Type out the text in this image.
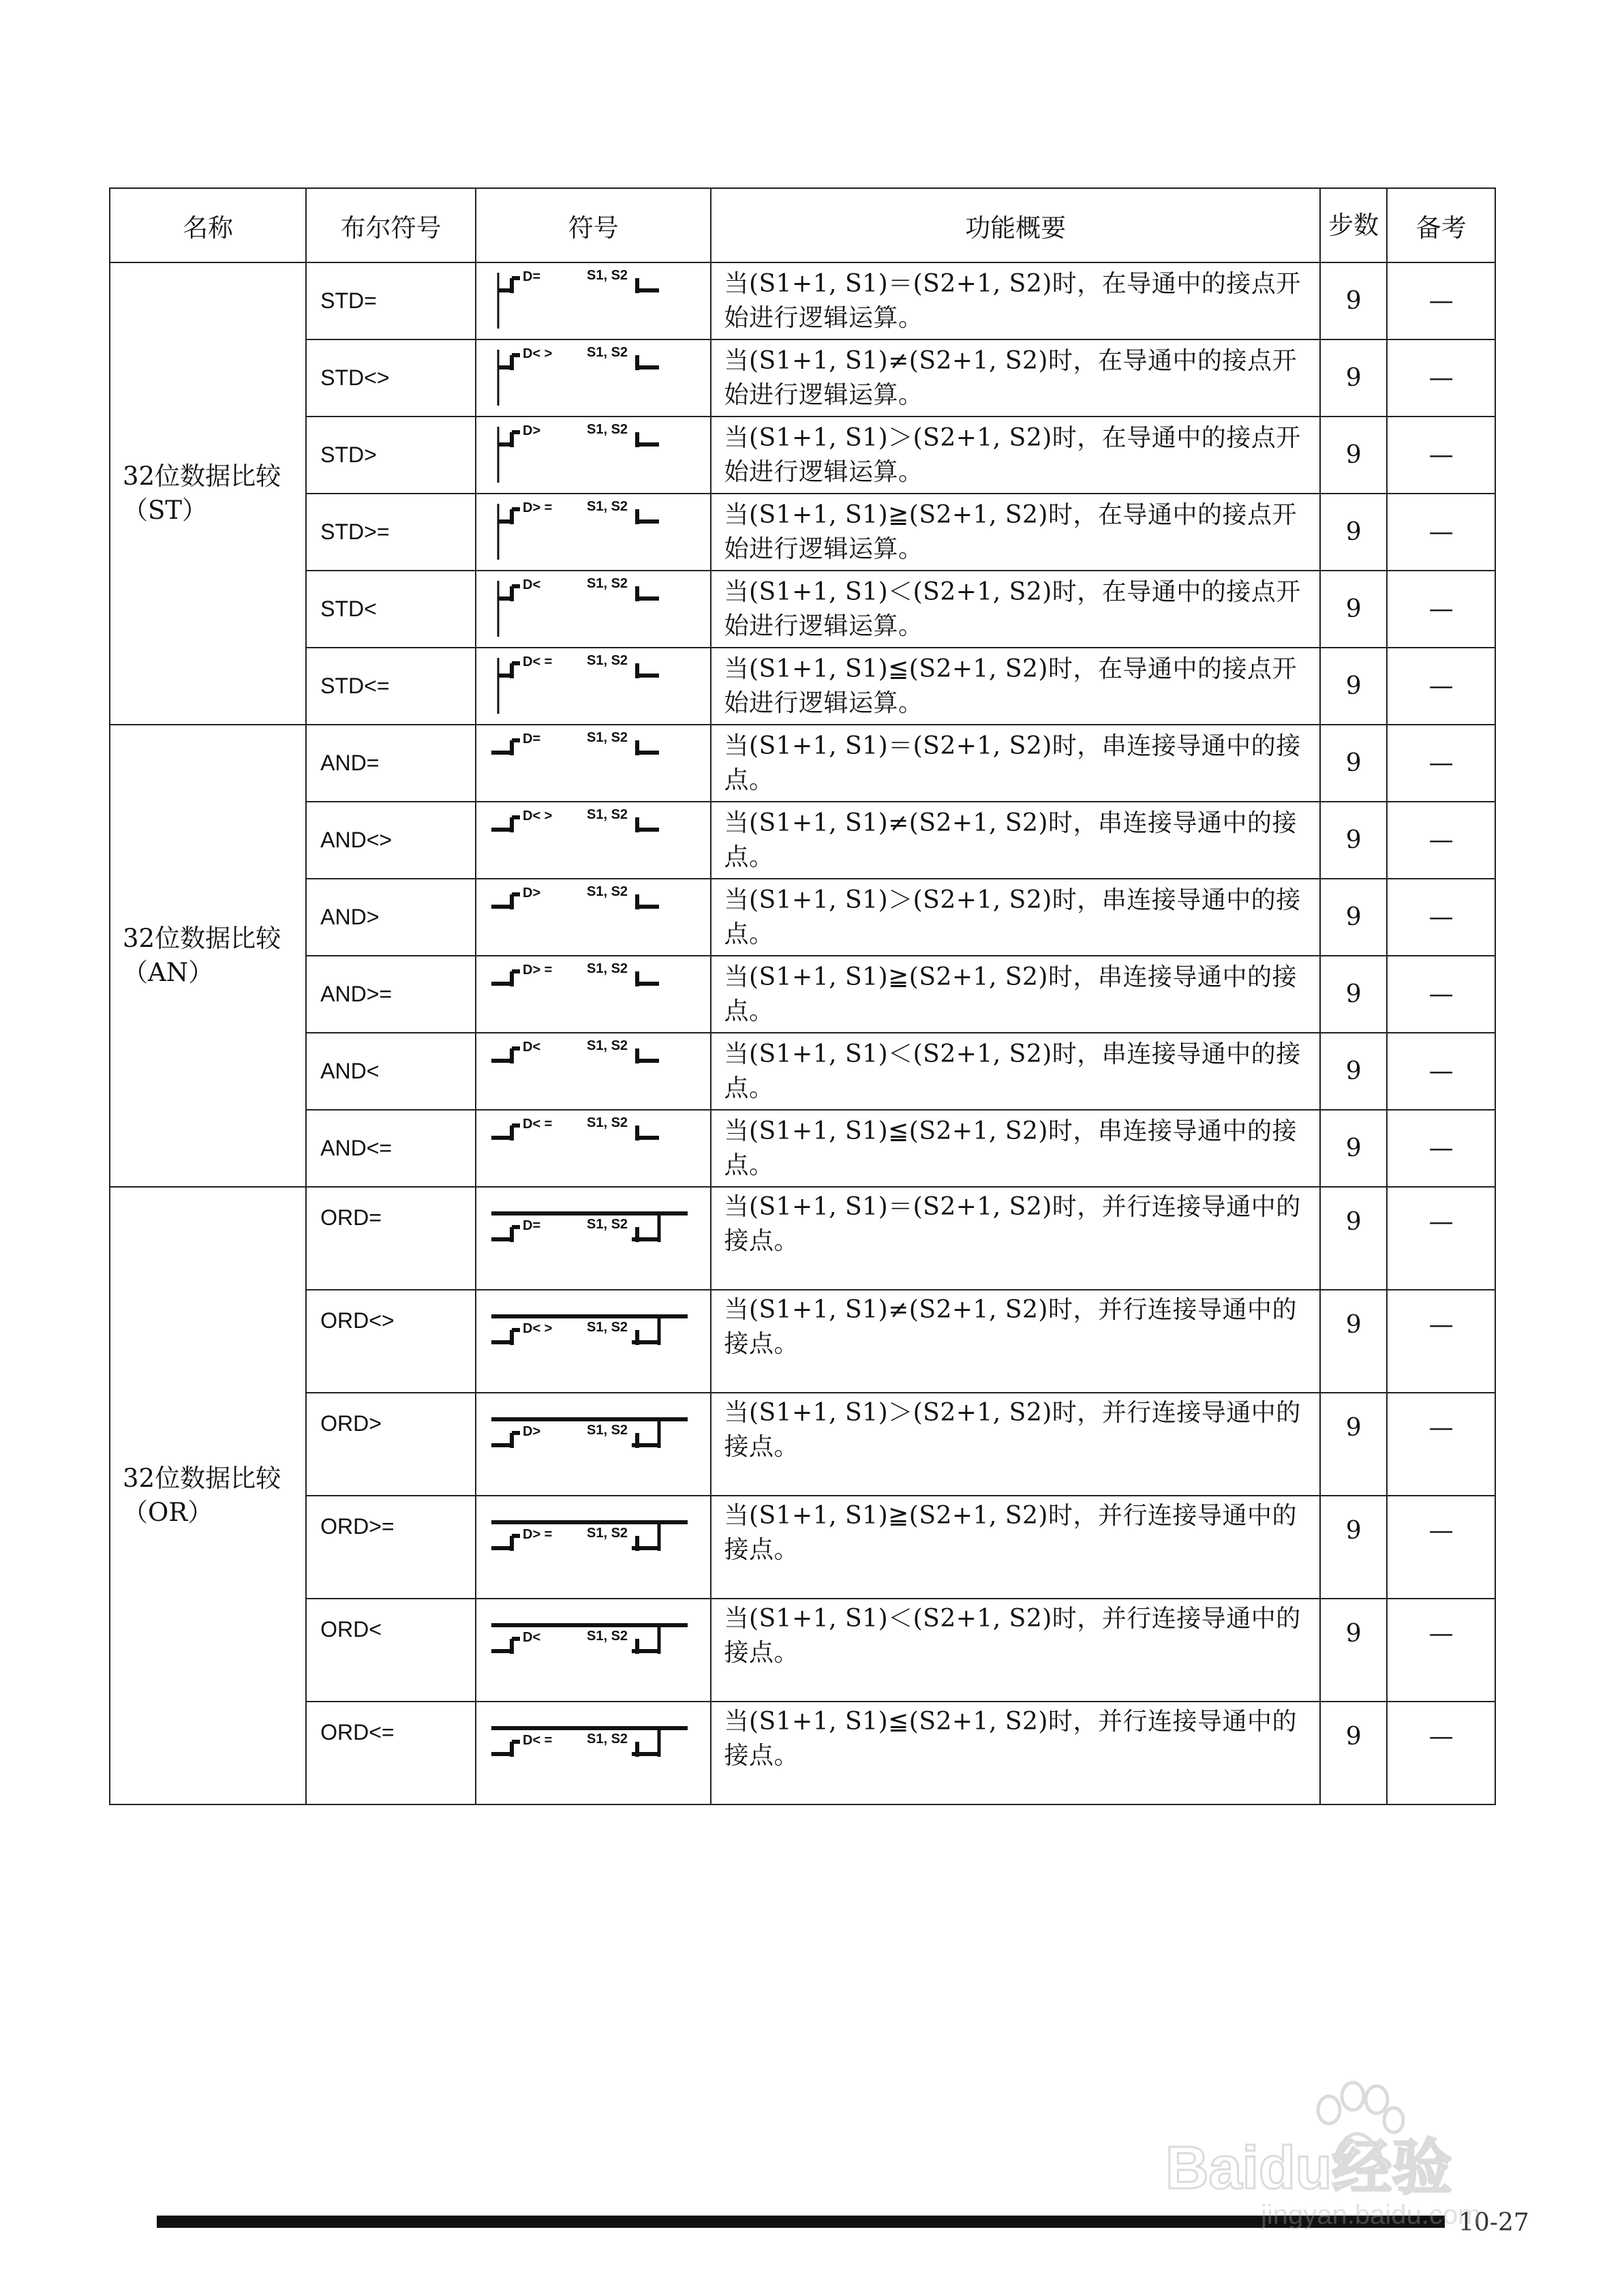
名称	布尔符号	符号	功能概要	步数	备考
32位数据比较（ST）	STD=	D= S1, S2	当(S1+1, S1)＝(S2+1, S2)时，在导通中的接点开始进行逻辑运算。	9	—
	STD<>	D< > S1, S2	当(S1+1, S1)≠(S2+1, S2)时，在导通中的接点开始进行逻辑运算。	9	—
	STD>	D> S1, S2	当(S1+1, S1)＞(S2+1, S2)时，在导通中的接点开始进行逻辑运算。	9	—
	STD>=	D> = S1, S2	当(S1+1, S1)≧(S2+1, S2)时，在导通中的接点开始进行逻辑运算。	9	—
	STD<	D< S1, S2	当(S1+1, S1)＜(S2+1, S2)时，在导通中的接点开始进行逻辑运算。	9	—
	STD<=	D< = S1, S2	当(S1+1, S1)≦(S2+1, S2)时，在导通中的接点开始进行逻辑运算。	9	—
32位数据比较（AN）	AND=	D= S1, S2	当(S1+1, S1)＝(S2+1, S2)时，串连接导通中的接点。	9	—
	AND<>	D< > S1, S2	当(S1+1, S1)≠(S2+1, S2)时，串连接导通中的接点。	9	—
	AND>	D> S1, S2	当(S1+1, S1)＞(S2+1, S2)时，串连接导通中的接点。	9	—
	AND>=	D> = S1, S2	当(S1+1, S1)≧(S2+1, S2)时，串连接导通中的接点。	9	—
	AND<	D< S1, S2	当(S1+1, S1)＜(S2+1, S2)时，串连接导通中的接点。	9	—
	AND<=	D< = S1, S2	当(S1+1, S1)≦(S2+1, S2)时，串连接导通中的接点。	9	—
32位数据比较（OR）	ORD=	D= S1, S2	当(S1+1, S1)＝(S2+1, S2)时，并行连接导通中的接点。	9	—
	ORD<>	D< > S1, S2	当(S1+1, S1)≠(S2+1, S2)时，并行连接导通中的接点。	9	—
	ORD>	D> S1, S2	当(S1+1, S1)＞(S2+1, S2)时，并行连接导通中的接点。	9	—
	ORD>=	D> = S1, S2	当(S1+1, S1)≧(S2+1, S2)时，并行连接导通中的接点。	9	—
	ORD<	D< S1, S2	当(S1+1, S1)＜(S2+1, S2)时，并行连接导通中的接点。	9	—
	ORD<=	D< = S1, S2	当(S1+1, S1)≦(S2+1, S2)时，并行连接导通中的接点。	9	—
10-27
Baidu经验
jingyan.baidu.com
